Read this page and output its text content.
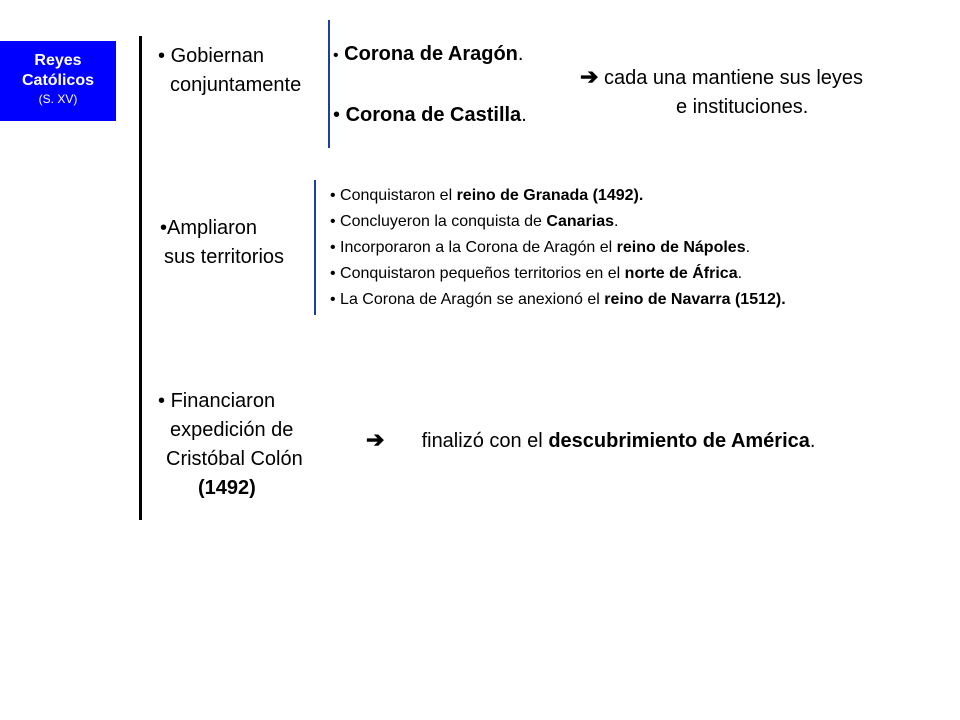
Reyes
Católicos
(S. XV)
• Gobiernan
conjuntamente
• Corona de Aragón.
• Corona de Castilla.
➔ cada una mantiene sus leyes
e instituciones.
•Ampliaron
sus territorios
• Conquistaron el reino de Granada (1492).
• Concluyeron la conquista de Canarias.
• Incorporaron a la Corona de Aragón el reino de Nápoles.
• Conquistaron pequeños territorios en el norte de África.
• La Corona de Aragón se anexionó el reino de Navarra (1512).
• Financiaron
expedición de
Cristóbal Colón
(1492)
➔ finalizó con el descubrimiento de América.
